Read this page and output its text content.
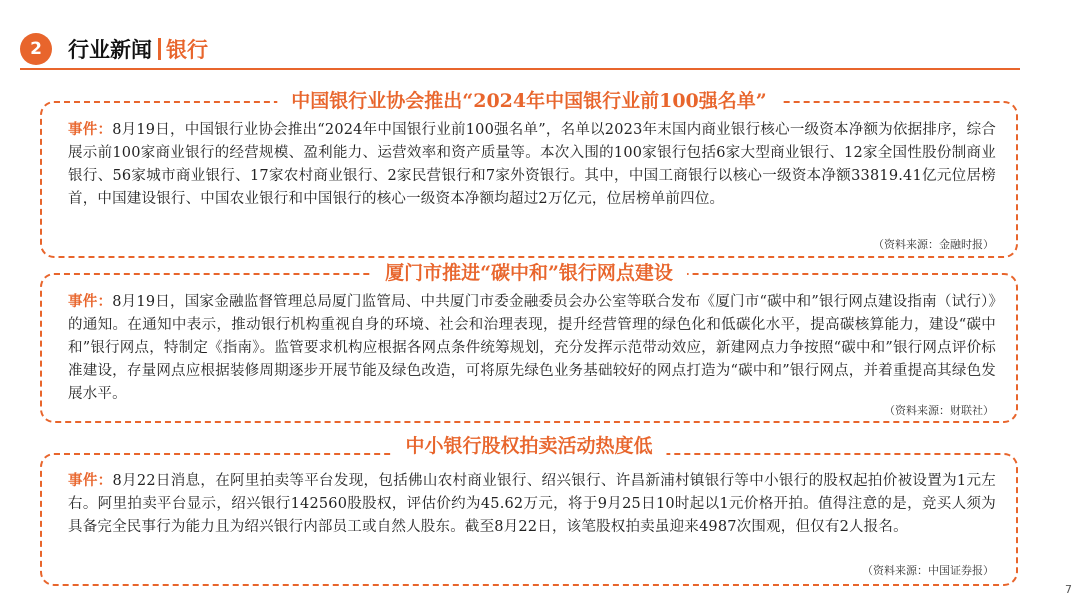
2	行业新闻 银行
中国银行业协会推出“2024年中国银行业前100强名单”
事件：8月19日，中国银行业协会推出“2024年中国银行业前100强名单”，名单以2023年末国内商业银行核心一级资本净额为依据排序，综合展示前100家商业银行的经营规模、盈利能力、运营效率和资产质量等。本次入围的100家银行包括6家大型商业银行、12家全国性股份制商业银行、56家城市商业银行、17家农村商业银行、2家民营银行和7家外资银行。其中，中国工商银行以核心一级资本净额33819.41亿元位居榜首，中国建设银行、中国农业银行和中国银行的核心一级资本净额均超过2万亿元，位居榜单前四位。
（资料来源：金融时报）
厦门市推进“碳中和”银行网点建设
事件：8月19日，国家金融监督管理总局厦门监管局、中共厦门市委金融委员会办公室等联合发布《厦门市“碳中和”银行网点建设指南（试行）》的通知。在通知中表示，推动银行机构重视自身的环境、社会和治理表现，提升经营管理的绿色化和低碳化水平，提高碳核算能力，建设“碳中和”银行网点，特制定《指南》。监管要求机构应根据各网点条件统筹规划，充分发挥示范带动效应，新建网点力争按照“碳中和”银行网点评价标准建设，存量网点应根据装修周期逐步开展节能及绿色改造，可将原先绿色业务基础较好的网点打造为“碳中和”银行网点，并着重提高其绿色发展水平。
（资料来源：财联社）
中小银行股权拍卖活动热度低
事件：8月22日消息，在阿里拍卖等平台发现，包括佛山农村商业银行、绍兴银行、许昌新浦村镇银行等中小银行的股权起拍价被设置为1元左右。阿里拍卖平台显示，绍兴银行142560股股权，评估价约为45.62万元，将于9月25日10时起以1元价格开拍。值得注意的是，竞买人须为具备完全民事行为能力且为绍兴银行内部员工或自然人股东。截至8月22日，该笔股权拍卖虽迎来4987次围观，但仅有2人报名。
（资料来源：中国证券报）
7
